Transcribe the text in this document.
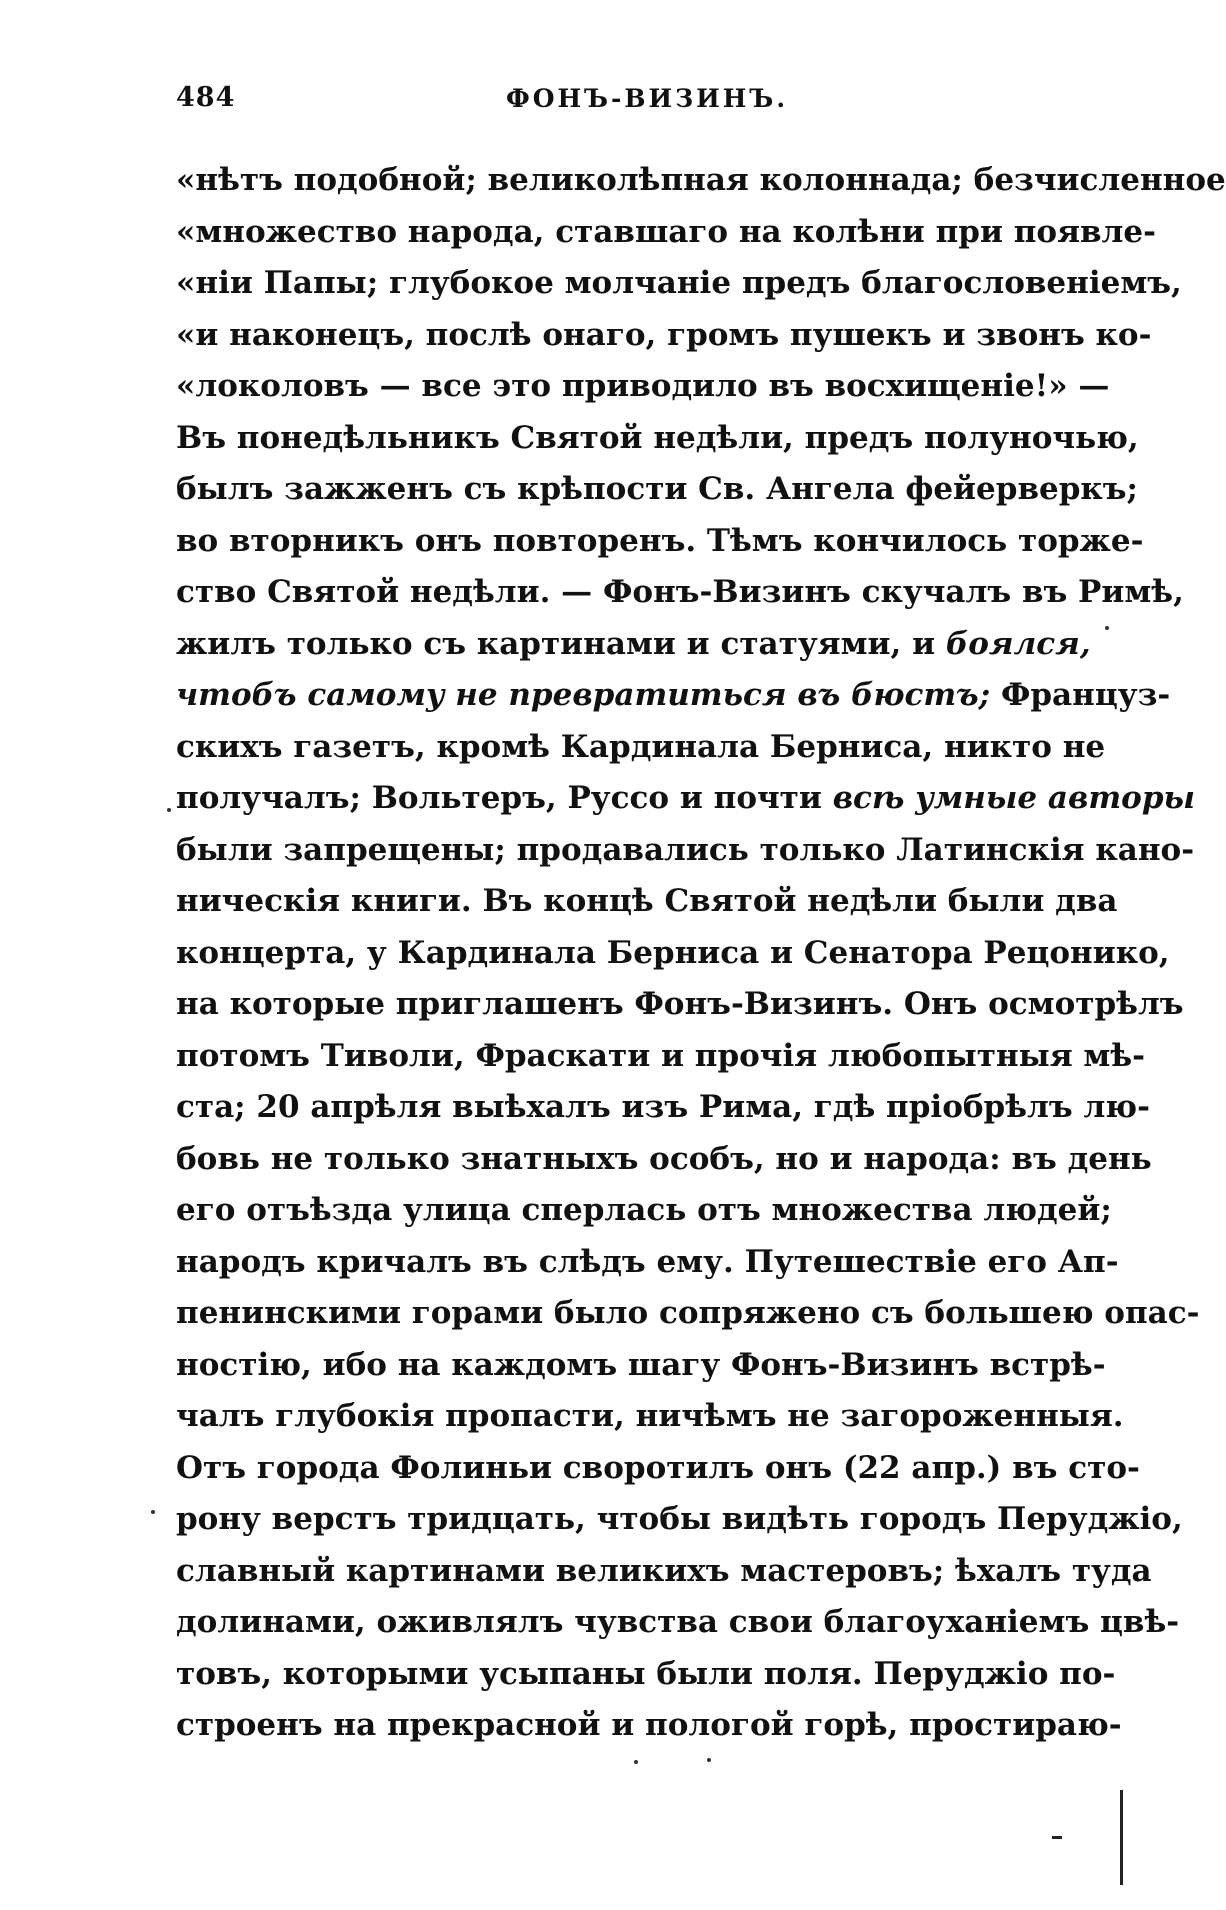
484	ФОНЪ-ВИЗИНЪ.
«нѣтъ подобной; великолѣпная колоннада; безчисленное
«множество народа, ставшаго на колѣни при появле-
«ніи Папы; глубокое молчаніе предъ благословеніемъ,
«и наконецъ, послѣ онаго, громъ пушекъ и звонъ ко-
«локоловъ — все это приводило въ восхищеніе!» —
Въ понедѣльникъ Святой недѣли, предъ полуночью,
былъ зажженъ съ крѣпости Св. Ангела фейерверкъ;
во вторникъ онъ повторенъ. Тѣмъ кончилось торже-
ство Святой недѣли. — Фонъ-Визинъ скучалъ въ Римѣ,
жилъ только съ картинами и статуями, и боялся,
чтобъ самому не превратиться въ бюстъ; Француз-
скихъ газетъ, кромѣ Кардинала Берниса, никто не
получалъ; Вольтеръ, Руссо и почти всѣ умные авторы
были запрещены; продавались только Латинскія кано-
ническія книги. Въ концѣ Святой недѣли были два
концерта, у Кардинала Берниса и Сенатора Рецонико,
на которые приглашенъ Фонъ-Визинъ. Онъ осмотрѣлъ
потомъ Тиволи, Фраскати и прочія любопытныя мѣ-
ста; 20 апрѣля выѣхалъ изъ Рима, гдѣ пріобрѣлъ лю-
бовь не только знатныхъ особъ, но и народа: въ день
его отъѣзда улица сперлась отъ множества людей;
народъ кричалъ въ слѣдъ ему. Путешествіе его Ап-
пенинскими горами было сопряжено съ большею опас-
ностію, ибо на каждомъ шагу Фонъ-Визинъ встрѣ-
чалъ глубокія пропасти, ничѣмъ не загороженныя.
Отъ города Фолиньи своротилъ онъ (22 апр.) въ сто-
рону верстъ тридцать, чтобы видѣть городъ Перуджіо,
славный картинами великихъ мастеровъ; ѣхалъ туда
долинами, оживлялъ чувства свои благоуханіемъ цвѣ-
товъ, которыми усыпаны были поля. Перуджіо по-
строенъ на прекрасной и пологой горѣ, простираю-
